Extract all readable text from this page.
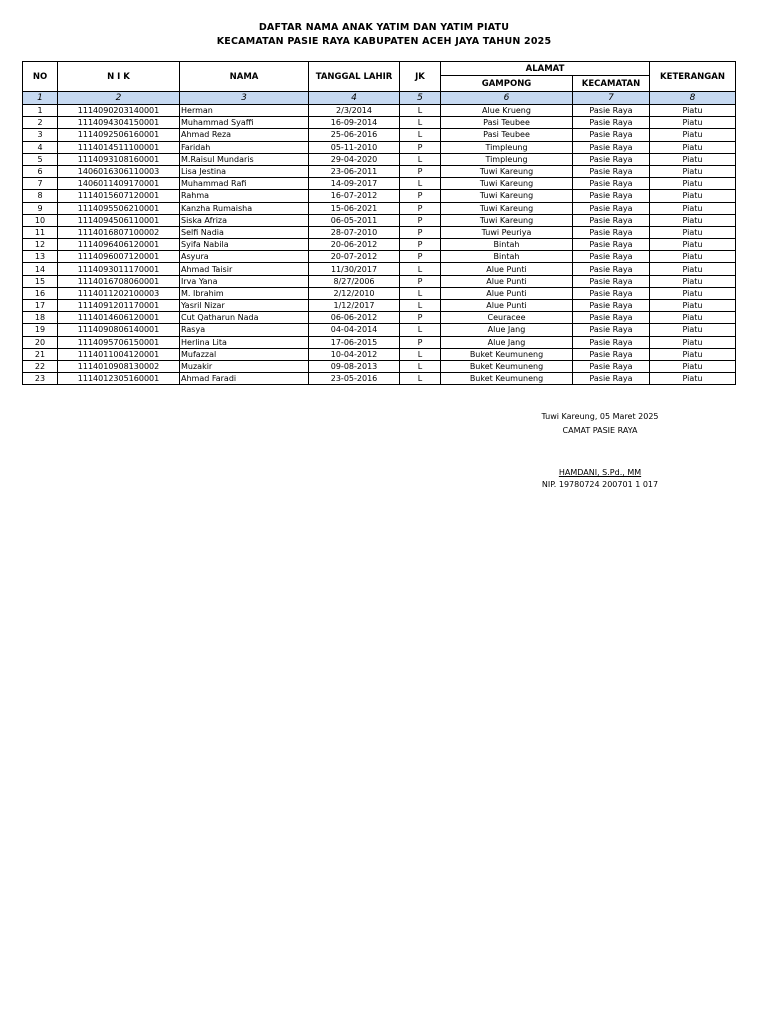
DAFTAR NAMA ANAK YATIM DAN YATIM PIATU
KECAMATAN PASIE RAYA KABUPATEN ACEH JAYA TAHUN 2025
NO	N I K	NAMA	TANGGAL LAHIR	JK	ALAMAT		KETERANGAN
					GAMPONG	KECAMATAN	
1	2	3	4	5	6	7	8
1	1114090203140001	Herman	2/3/2014	L	Alue Krueng	Pasie Raya	Piatu
2	1114094304150001	Muhammad Syaffi	16-09-2014	L	Pasi Teubee	Pasie Raya	Piatu
3	1114092506160001	Ahmad Reza	25-06-2016	L	Pasi Teubee	Pasie Raya	Piatu
4	1114014511100001	Faridah	05-11-2010	P	Timpleung	Pasie Raya	Piatu
5	1114093108160001	M.Raisul Mundaris	29-04-2020	L	Timpleung	Pasie Raya	Piatu
6	1406016306110003	Lisa Jestina	23-06-2011	P	Tuwi Kareung	Pasie Raya	Piatu
7	1406011409170001	Muhammad Rafi	14-09-2017	L	Tuwi Kareung	Pasie Raya	Piatu
8	1114015607120001	Rahma	16-07-2012	P	Tuwi Kareung	Pasie Raya	Piatu
9	1114095506210001	Kanzha Rumaisha	15-06-2021	P	Tuwi Kareung	Pasie Raya	Piatu
10	1114094506110001	Siska Afriza	06-05-2011	P	Tuwi Kareung	Pasie Raya	Piatu
11	1114016807100002	Selfi Nadia	28-07-2010	P	Tuwi Peuriya	Pasie Raya	Piatu
12	1114096406120001	Syifa Nabila	20-06-2012	P	Bintah	Pasie Raya	Piatu
13	1114096007120001	Asyura	20-07-2012	P	Bintah	Pasie Raya	Piatu
14	1114093011170001	Ahmad Taisir	11/30/2017	L	Alue Punti	Pasie Raya	Piatu
15	1114016708060001	Irva Yana	8/27/2006	P	Alue Punti	Pasie Raya	Piatu
16	1114011202100003	M. Ibrahim	2/12/2010	L	Alue Punti	Pasie Raya	Piatu
17	1114091201170001	Yasril Nizar	1/12/2017	L	Alue Punti	Pasie Raya	Piatu
18	1114014606120001	Cut Qatharun Nada	06-06-2012	P	Ceuracee	Pasie Raya	Piatu
19	1114090806140001	Rasya	04-04-2014	L	Alue Jang	Pasie Raya	Piatu
20	1114095706150001	Herlina Lita	17-06-2015	P	Alue Jang	Pasie Raya	Piatu
21	1114011004120001	Mufazzal	10-04-2012	L	Buket Keumuneng	Pasie Raya	Piatu
22	1114010908130002	Muzakir	09-08-2013	L	Buket Keumuneng	Pasie Raya	Piatu
23	1114012305160001	Ahmad Faradi	23-05-2016	L	Buket Keumuneng	Pasie Raya	Piatu
Tuwi Kareung, 05 Maret 2025
CAMAT PASIE RAYA
HAMDANI, S.Pd., MM
NIP. 19780724 200701 1 017
